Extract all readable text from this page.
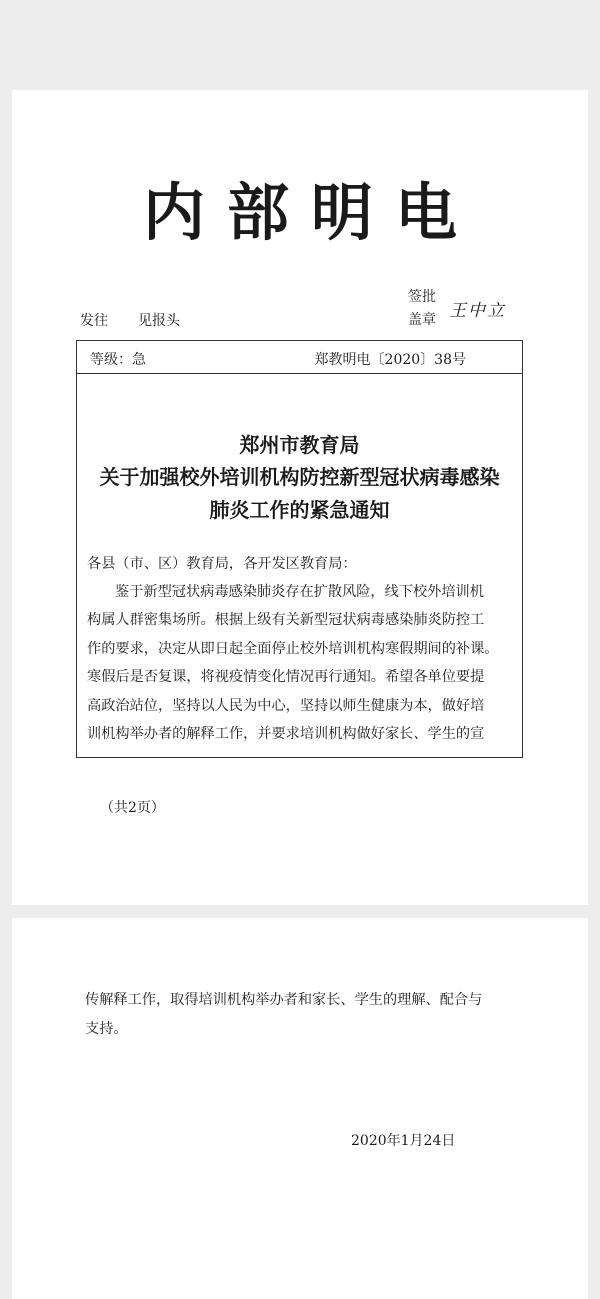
内部明电
发往 见报头
签批
盖章 王中立
等级：急	郑教明电〔2020〕38号
郑州市教育局
关于加强校外培训机构防控新型冠状病毒感染
肺炎工作的紧急通知
各县（市、区）教育局，各开发区教育局：
鉴于新型冠状病毒感染肺炎存在扩散风险，线下校外培训机
构属人群密集场所。根据上级有关新型冠状病毒感染肺炎防控工
作的要求，决定从即日起全面停止校外培训机构寒假期间的补课。
寒假后是否复课，将视疫情变化情况再行通知。希望各单位要提
高政治站位，坚持以人民为中心，坚持以师生健康为本，做好培
训机构举办者的解释工作，并要求培训机构做好家长、学生的宣
（共2页）
传解释工作，取得培训机构举办者和家长、学生的理解、配合与
支持。
2020年1月24日
